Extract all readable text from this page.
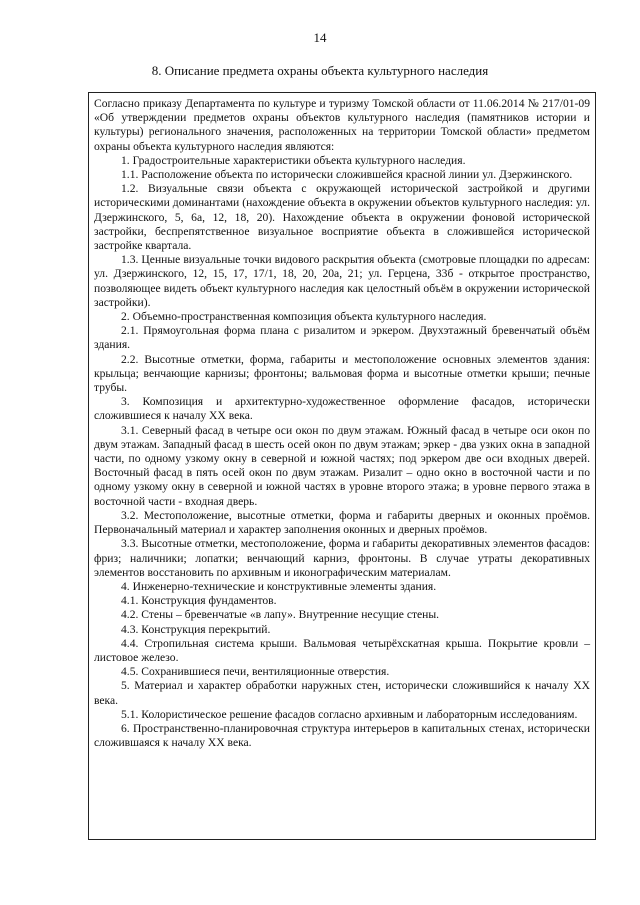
14
8. Описание предмета охраны объекта культурного наследия

Согласно приказу Департамента по культуре и туризму Томской области от 11.06.2014 № 217/01-09 «Об утверждении предметов охраны объектов культурного наследия (памятников истории и культуры) регионального значения, расположенных на территории Томской области» предметом охраны объекта культурного наследия являются:

1. Градостроительные характеристики объекта культурного наследия.

1.1. Расположение объекта по исторически сложившейся красной линии ул. Дзержинского.

1.2. Визуальные связи объекта с окружающей исторической застройкой и другими историческими доминантами (нахождение объекта в окружении объектов культурного наследия: ул. Дзержинского, 5, 6а, 12, 18, 20). Нахождение объекта в окружении фоновой исторической застройки, беспрепятственное визуальное восприятие объекта в сложившейся исторической застройке квартала.

1.3. Ценные визуальные точки видового раскрытия объекта (смотровые площадки по адресам: ул. Дзержинского, 12, 15, 17, 17/1, 18, 20, 20а, 21; ул. Герцена, 33б - открытое пространство, позволяющее видеть объект культурного наследия как целостный объём в окружении исторической застройки).

2. Объемно-пространственная композиция объекта культурного наследия.

2.1. Прямоугольная форма плана с ризалитом и эркером. Двухэтажный бревенчатый объём здания.

2.2. Высотные отметки, форма, габариты и местоположение основных элементов здания: крыльца; венчающие карнизы; фронтоны; вальмовая форма и высотные отметки крыши; печные трубы.

3. Композиция и архитектурно-художественное оформление фасадов, исторически сложившиеся к началу XX века.

3.1. Северный фасад в четыре оси окон по двум этажам. Южный фасад в четыре оси окон по двум этажам. Западный фасад в шесть осей окон по двум этажам; эркер - два узких окна в западной части, по одному узкому окну в северной и южной частях; под эркером две оси входных дверей. Восточный фасад в пять осей окон по двум этажам. Ризалит – одно окно в восточной части и по одному узкому окну в северной и южной частях в уровне второго этажа; в уровне первого этажа в восточной части - входная дверь.

3.2. Местоположение, высотные отметки, форма и габариты дверных и оконных проёмов. Первоначальный материал и характер заполнения оконных и дверных проёмов.

3.3. Высотные отметки, местоположение, форма и габариты декоративных элементов фасадов: фриз; наличники; лопатки; венчающий карниз, фронтоны. В случае утраты декоративных элементов восстановить по архивным и иконографическим материалам.

4. Инженерно-технические и конструктивные элементы здания.

4.1. Конструкция фундаментов.

4.2. Стены – бревенчатые «в лапу». Внутренние несущие стены.

4.3. Конструкция перекрытий.

4.4. Стропильная система крыши. Вальмовая четырёхскатная крыша. Покрытие кровли – листовое железо.

4.5. Сохранившиеся печи, вентиляционные отверстия.

5. Материал и характер обработки наружных стен, исторически сложившийся к началу XX века.

5.1. Колористическое решение фасадов согласно архивным и лабораторным исследованиям.

6. Пространственно-планировочная структура интерьеров в капитальных стенах, исторически сложившаяся к началу XX века.
